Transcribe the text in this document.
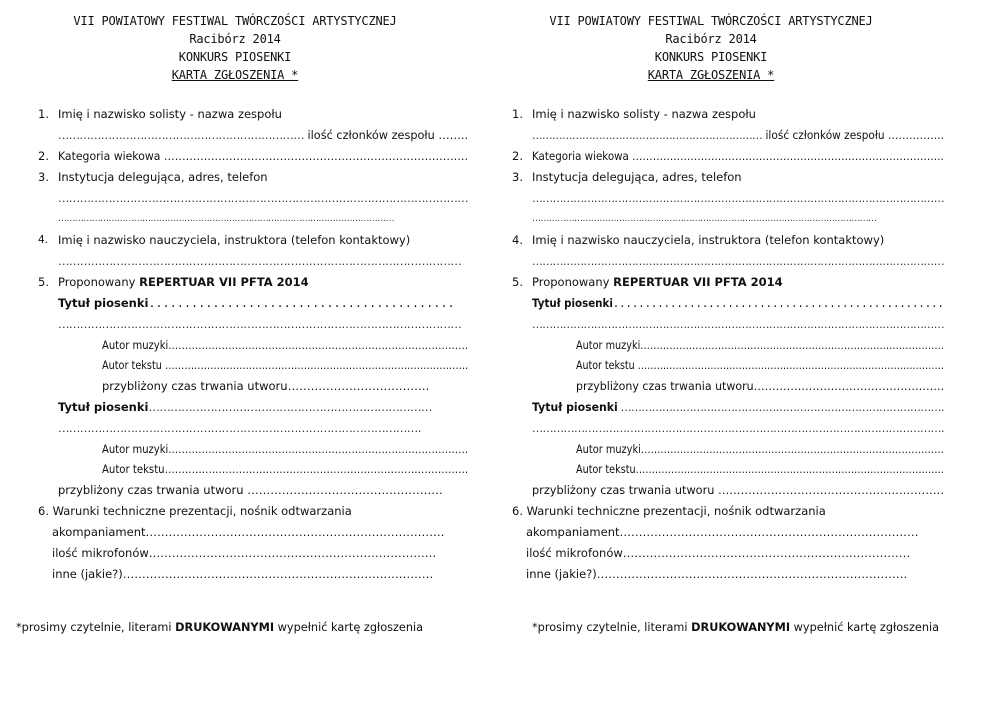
VII POWIATOWY FESTIWAL TWÓRCZOŚCI ARTYSTYCZNEJ
Racibórz 2014
KONKURS PIOSENKI
KARTA ZGŁOSZENIA *
1. Imię i nazwisko solisty - nazwa zespołu
…………………………………………………………… ilość członków zespołu ……..
2. Kategoria wiekowa …………………………………………………………………………
3. Instytucja delegująca, adres, telefon
……………………………………………………………………………………………………
…………………………………………………………………………………………………………
4. Imię i nazwisko nauczyciela, instruktora (telefon kontaktowy)
…………………………………………………………………………………………………
5. Proponowany REPERTUAR VII PFTA 2014
Tytuł piosenki...........................................
…………………………………………………………………………………………………
Autor muzyki………………………………………………………………………………
Autor tekstu ………………………………………………………………………………….
przybliżony czas trwania utworu……………………………….
Tytuł piosenki……………………………………………………………………
……………………………………………………………………………………….
Autor muzyki………………………………………………………………………………
Autor tekstu………………………………………………………………………………
przybliżony czas trwania utworu ……………………………………………
6. Warunki techniczne prezentacji, nośnik odtwarzania
akompaniament……………………………………………………………………
ilość mikrofonów…………………………………………………………………
inne (jakie?)………………………………………………………………………
*prosimy czytelnie, literami DRUKOWANYMI wypełnić kartę zgłoszenia
VII POWIATOWY FESTIWAL TWÓRCZOŚCI ARTYSTYCZNEJ
Racibórz 2014
KONKURS PIOSENKI
KARTA ZGŁOSZENIA *
1. Imię i nazwisko solisty - nazwa zespołu
…………………………………………………………… ilość członków zespołu …………….
2. Kategoria wiekowa ……………………………………………………………………………….
3. Instytucja delegująca, adres, telefon
…………………………………………………………………………………………………………
……………………………………………………………………………………………………………
4. Imię i nazwisko nauczyciela, instruktora (telefon kontaktowy)
…………………………………………………………………………………………………………
5. Proponowany REPERTUAR VII PFTA 2014
Tytuł piosenki....................................................
…………………………………………………………………………………………………………
Autor muzyki………………………………………………………………………………….
Autor tekstu …………………………………………………………………………………….
przybliżony czas trwania utworu…………………………………………….
Tytuł piosenki ………………………………………………………………………………….
……………………………………………………………………………………………………….
Autor muzyki…………………………………………………………………………………
Autor tekstu……………………………………………………………………………………
przybliżony czas trwania utworu ……………………………………………………
6. Warunki techniczne prezentacji, nośnik odtwarzania
akompaniament……………………………………………………………………
ilość mikrofonów…………………………………………………………………
inne (jakie?)………………………………………………………………………
*prosimy czytelnie, literami DRUKOWANYMI wypełnić kartę zgłoszenia
